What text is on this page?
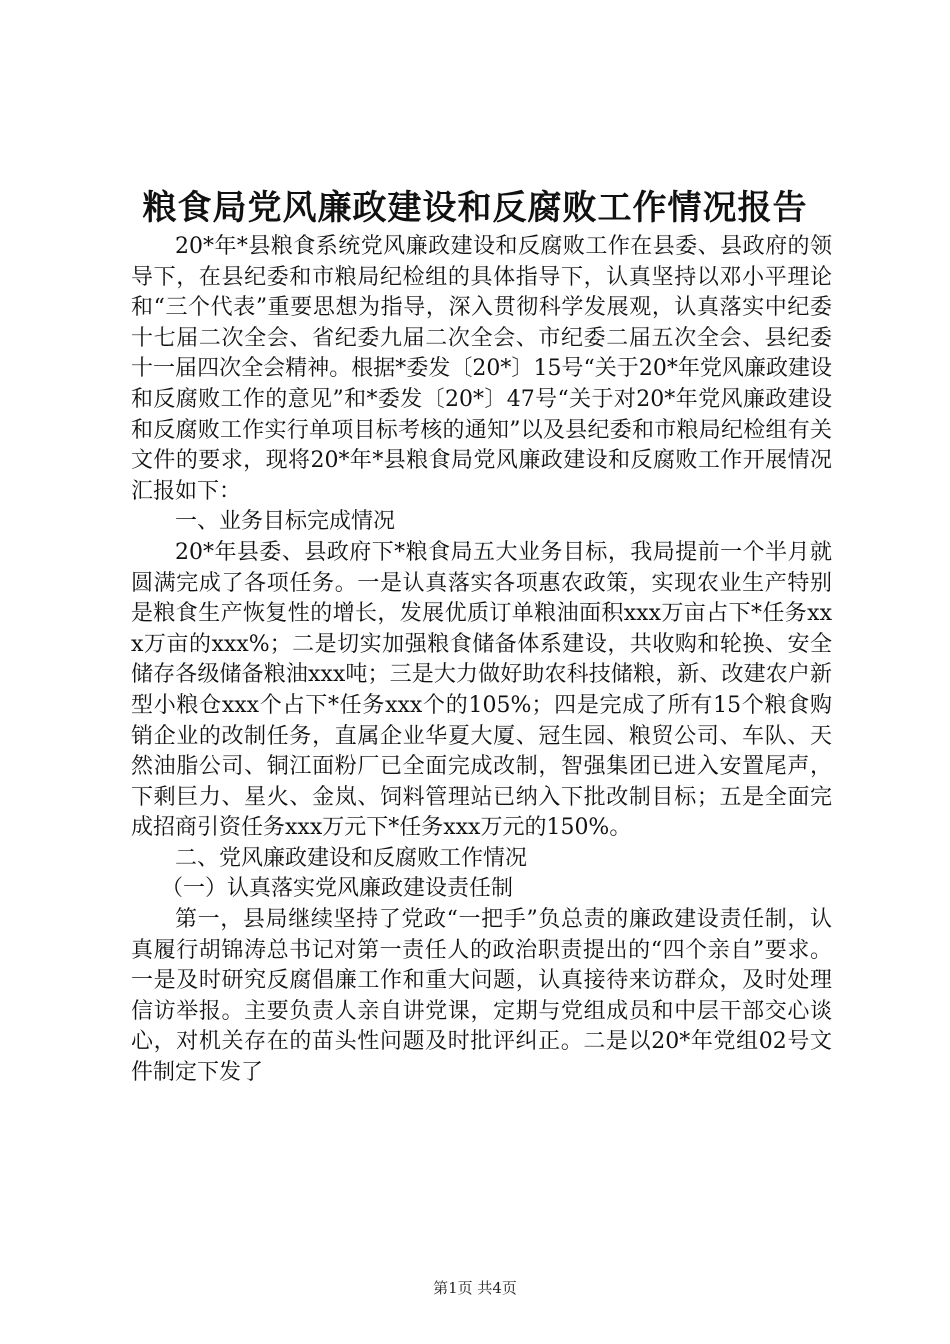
粮食局党风廉政建设和反腐败工作情况报告

20*年*县粮食系统党风廉政建设和反腐败工作在县委、县政府的领导下，在县纪委和市粮局纪检组的具体指导下，认真坚持以邓小平理论和“三个代表”重要思想为指导，深入贯彻科学发展观，认真落实中纪委十七届二次全会、省纪委九届二次全会、市纪委二届五次全会、县纪委十一届四次全会精神。根据*委发〔20*〕15号“关于20*年党风廉政建设和反腐败工作的意见”和*委发〔20*〕47号“关于对20*年党风廉政建设和反腐败工作实行单项目标考核的通知”以及县纪委和市粮局纪检组有关文件的要求，现将20*年*县粮食局党风廉政建设和反腐败工作开展情况汇报如下：

一、业务目标完成情况

20*年县委、县政府下*粮食局五大业务目标，我局提前一个半月就圆满完成了各项任务。一是认真落实各项惠农政策，实现农业生产特别是粮食生产恢复性的增长，发展优质订单粮油面积xxx万亩占下*任务xxx万亩的xxx%；二是切实加强粮食储备体系建设，共收购和轮换、安全储存各级储备粮油xxx吨；三是大力做好助农科技储粮，新、改建农户新型小粮仓xxx个占下*任务xxx个的105%；四是完成了所有15个粮食购销企业的改制任务，直属企业华夏大厦、冠生园、粮贸公司、车队、天然油脂公司、铜江面粉厂已全面完成改制，智强集团已进入安置尾声，下剩巨力、星火、金岚、饲料管理站已纳入下批改制目标；五是全面完成招商引资任务xxx万元下*任务xxx万元的150%。

二、党风廉政建设和反腐败工作情况

（一）认真落实党风廉政建设责任制

第一，县局继续坚持了党政“一把手”负总责的廉政建设责任制，认真履行胡锦涛总书记对第一责任人的政治职责提出的“四个亲自”要求。一是及时研究反腐倡廉工作和重大问题，认真接待来访群众，及时处理信访举报。主要负责人亲自讲党课，定期与党组成员和中层干部交心谈心，对机关存在的苗头性问题及时批评纠正。二是以20*年党组02号文件制定下发了

第1页 共4页
